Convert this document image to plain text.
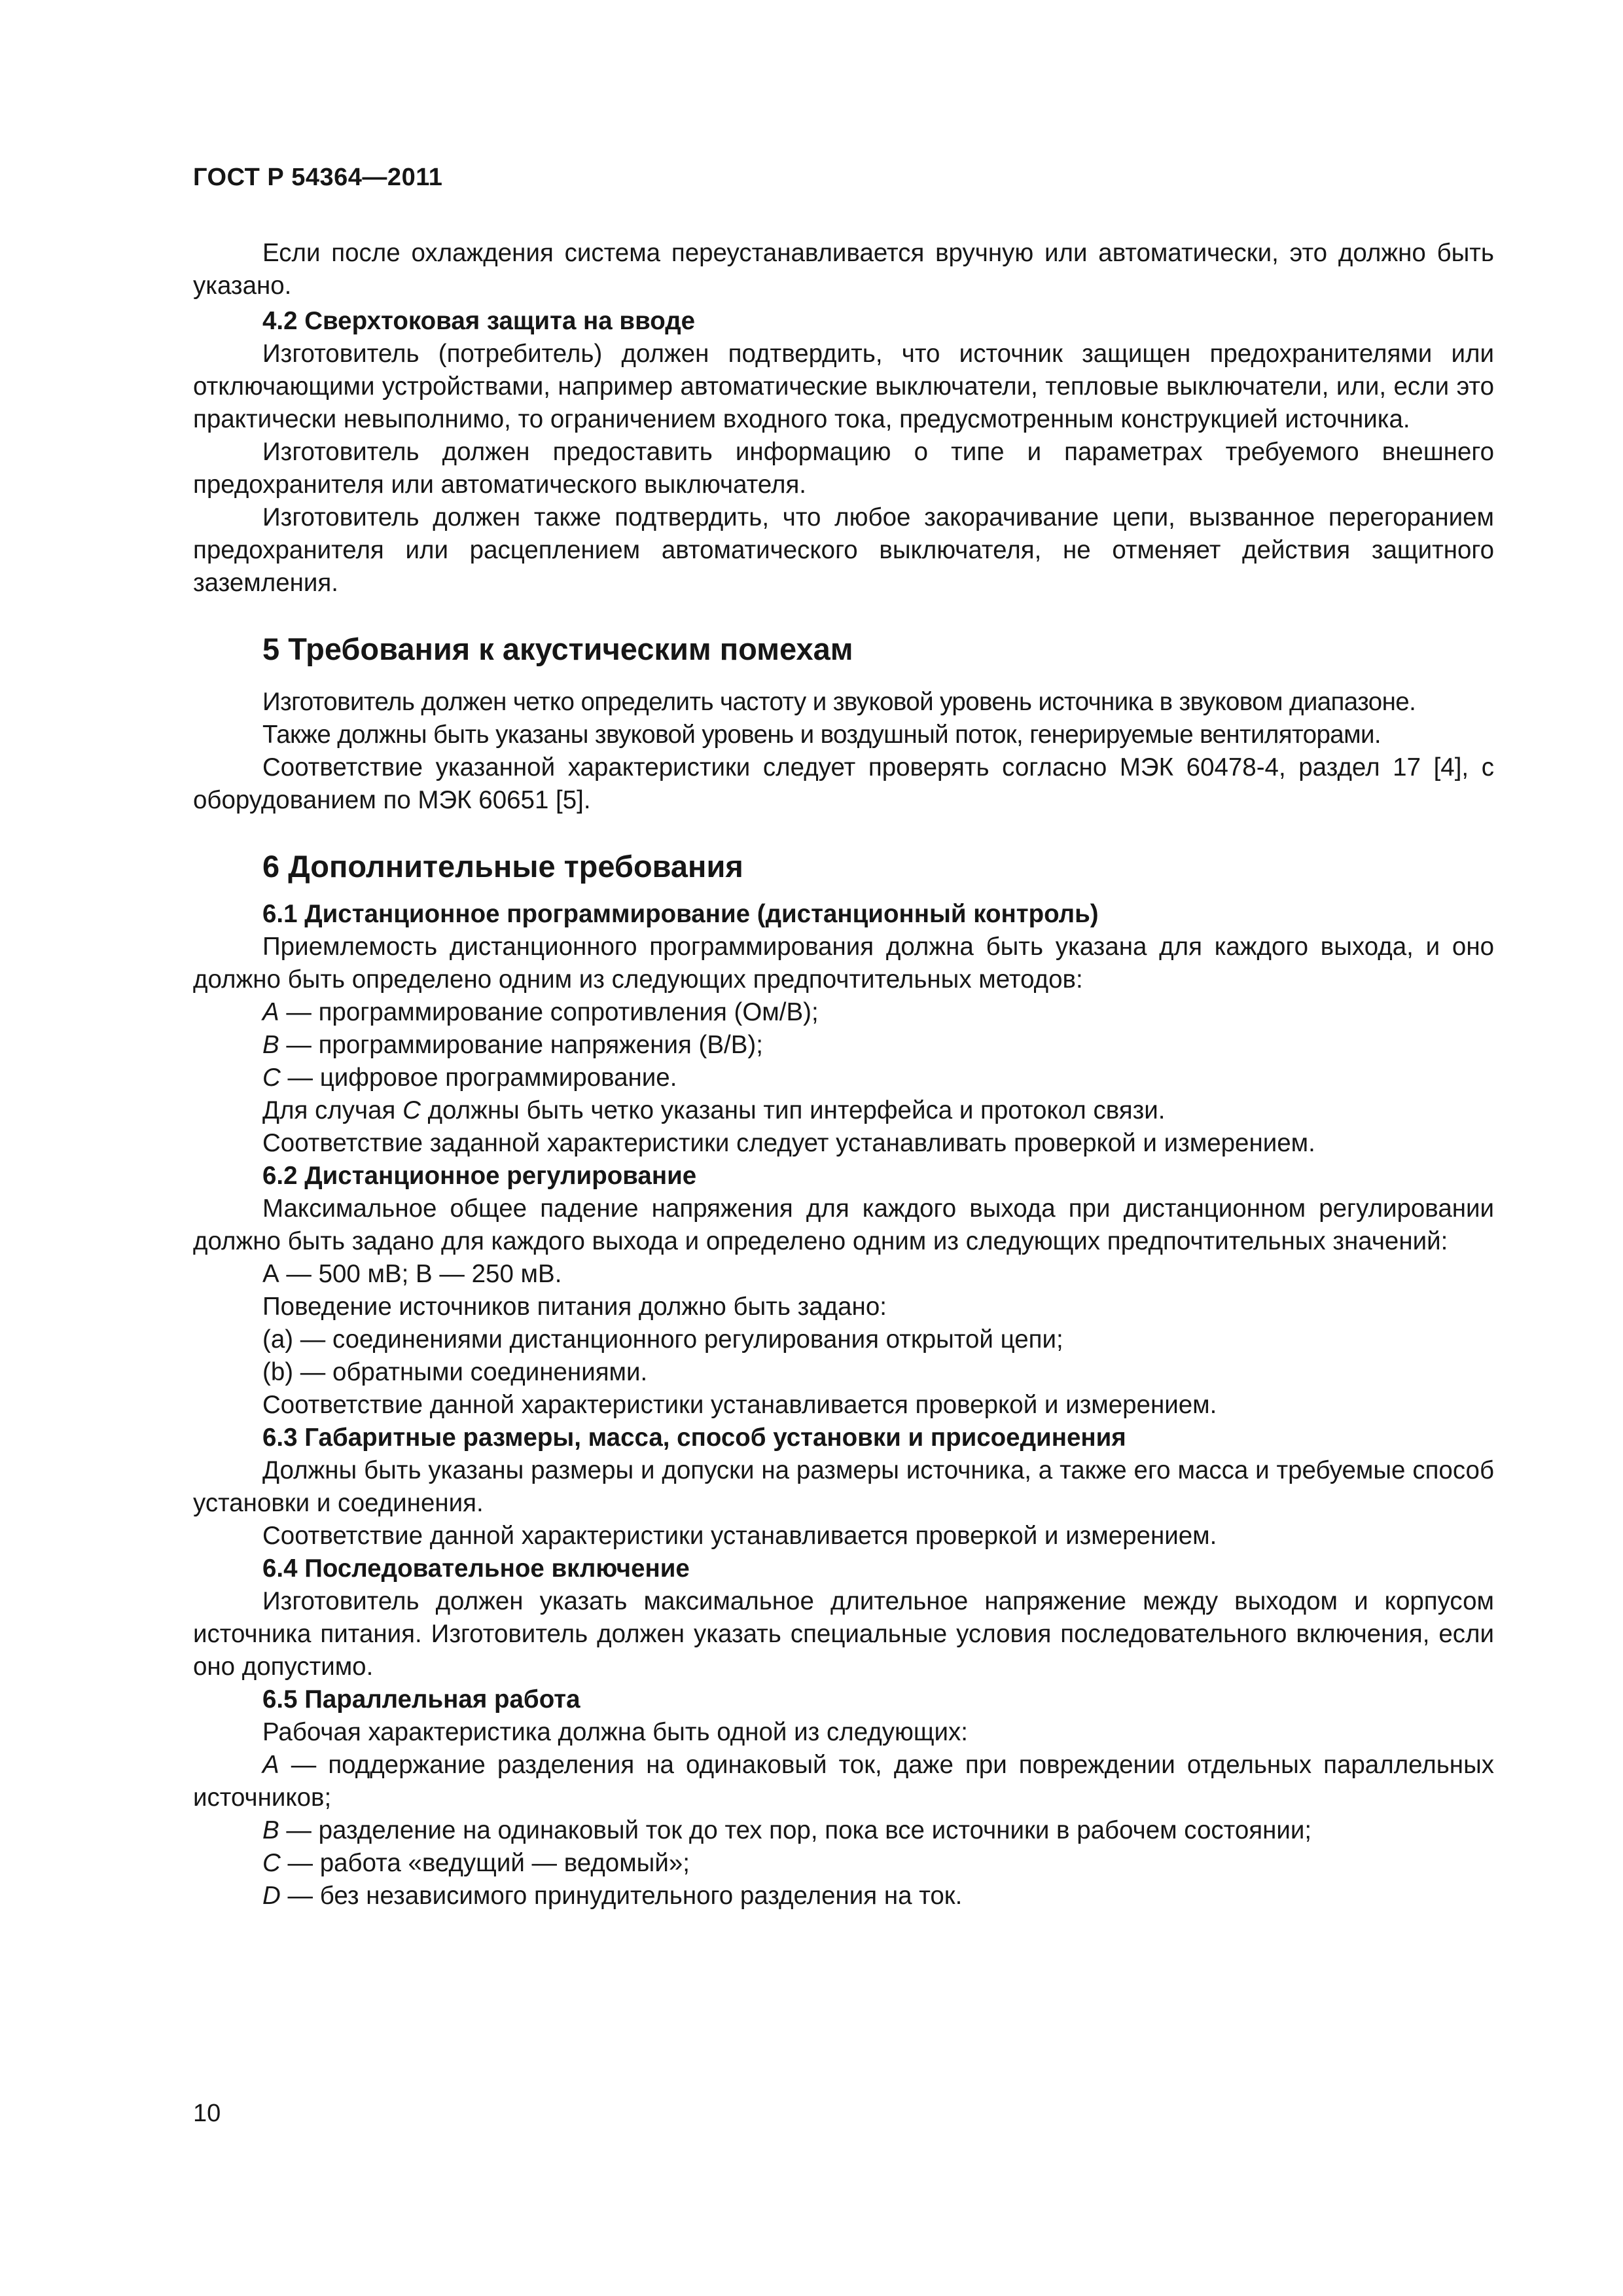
ГОСТ Р 54364—2011

Если после охлаждения система переустанавливается вручную или автоматически, это должно быть указано.

4.2 Сверхтоковая защита на вводе

Изготовитель (потребитель) должен подтвердить, что источник защищен предохранителями или отключающими устройствами, например автоматические выключатели, тепловые выключатели, или, если это практически невыполнимо, то ограничением входного тока, предусмотренным конструкцией источника.

Изготовитель должен предоставить информацию о типе и параметрах требуемого внешнего предохранителя или автоматического выключателя.

Изготовитель должен также подтвердить, что любое закорачивание цепи, вызванное перегоранием предохранителя или расцеплением автоматического выключателя, не отменяет действия защитного заземления.

5 Требования к акустическим помехам

Изготовитель должен четко определить частоту и звуковой уровень источника в звуковом диапазоне.

Также должны быть указаны звуковой уровень и воздушный поток, генерируемые вентиляторами.

Соответствие указанной характеристики следует проверять согласно МЭК 60478-4, раздел 17 [4], с оборудованием по МЭК 60651 [5].

6 Дополнительные требования
6.1 Дистанционное программирование (дистанционный контроль)

Приемлемость дистанционного программирования должна быть указана для каждого выхода, и оно должно быть определено одним из следующих предпочтительных методов:

A — программирование сопротивления (Ом/В);
B — программирование напряжения (В/В);
C — цифровое программирование.
Для случая C должны быть четко указаны тип интерфейса и протокол связи.
Соответствие заданной характеристики следует устанавливать проверкой и измерением.
6.2 Дистанционное регулирование

Максимальное общее падение напряжения для каждого выхода при дистанционном регулировании должно быть задано для каждого выхода и определено одним из следующих предпочтительных значений:

А — 500 мВ; В — 250 мВ.
Поведение источников питания должно быть задано:
(a) — соединениями дистанционного регулирования открытой цепи;
(b) — обратными соединениями.
Соответствие данной характеристики устанавливается проверкой и измерением.
6.3 Габаритные размеры, масса, способ установки и присоединения

Должны быть указаны размеры и допуски на размеры источника, а также его масса и требуемые способ установки и соединения.

Соответствие данной характеристики устанавливается проверкой и измерением.
6.4 Последовательное включение

Изготовитель должен указать максимальное длительное напряжение между выходом и корпусом источника питания. Изготовитель должен указать специальные условия последовательного включения, если оно допустимо.

6.5 Параллельная работа
Рабочая характеристика должна быть одной из следующих:

A — поддержание разделения на одинаковый ток, даже при повреждении отдельных параллельных источников;

B — разделение на одинаковый ток до тех пор, пока все источники в рабочем состоянии;
C — работа «ведущий — ведомый»;
D — без независимого принудительного разделения на ток.
10
